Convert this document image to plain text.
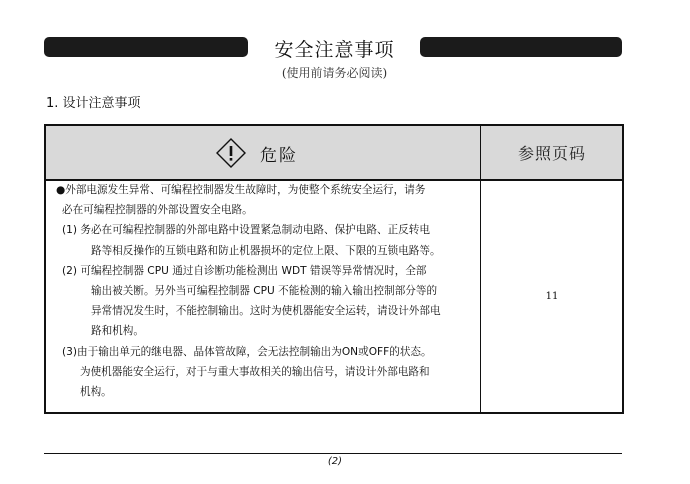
安全注意事项
(使用前请务必阅读)
1. 设计注意事项
危险	参照页码
●外部电源发生异常、可编程控制器发生故障时，为使整个系统安全运行，请务
必在可编程控制器的外部设置安全电路。
(1) 务必在可编程控制器的外部电路中设置紧急制动电路、保护电路、正反转电
路等相反操作的互锁电路和防止机器损坏的定位上限、下限的互锁电路等。
(2) 可编程控制器 CPU 通过自诊断功能检测出 WDT 错误等异常情况时，全部
输出被关断。另外当可编程控制器 CPU 不能检测的输入输出控制部分等的
异常情况发生时，不能控制输出。这时为使机器能安全运转，请设计外部电
路和机构。
(3)由于输出单元的继电器、晶体管故障，会无法控制输出为ON或OFF的状态。
为使机器能安全运行，对于与重大事故相关的输出信号，请设计外部电路和
机构。
11
(2)
